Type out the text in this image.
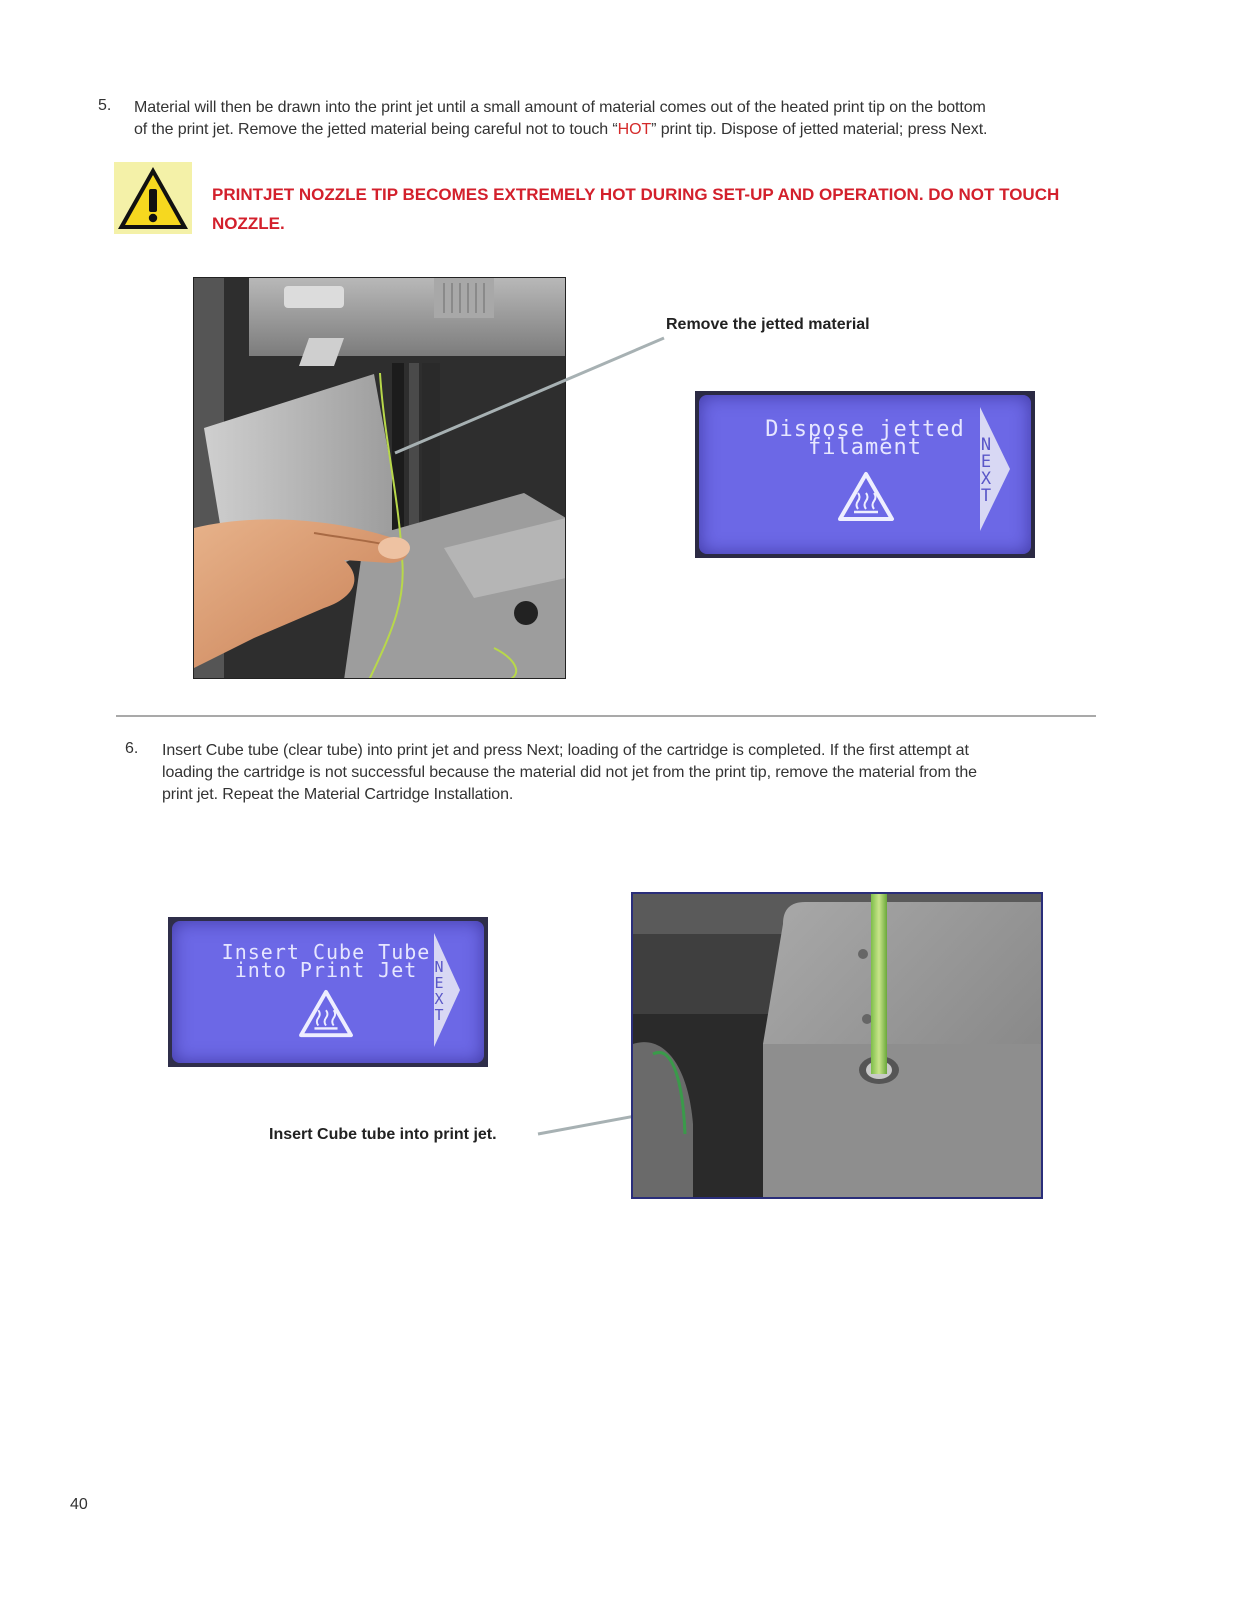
5. Material will then be drawn into the print jet until a small amount of material comes out of the heated print tip on the bottom
of the print jet. Remove the jetted material being careful not to touch “HOT” print tip. Dispose of jetted material; press Next.
PRINTJET NOZZLE TIP BECOMES EXTREMELY HOT DURING SET-UP AND OPERATION. DO NOT TOUCH
NOZZLE.
Remove the jetted material
Dispose jetted
filament	NEXT
6. Insert Cube tube (clear tube) into print jet and press Next; loading of the cartridge is completed. If the first attempt at
loading the cartridge is not successful because the material did not jet from the print tip, remove the material from the
print jet. Repeat the Material Cartridge Installation.
Insert Cube Tube
into Print Jet	NEXT
Insert Cube tube into print jet.
40
